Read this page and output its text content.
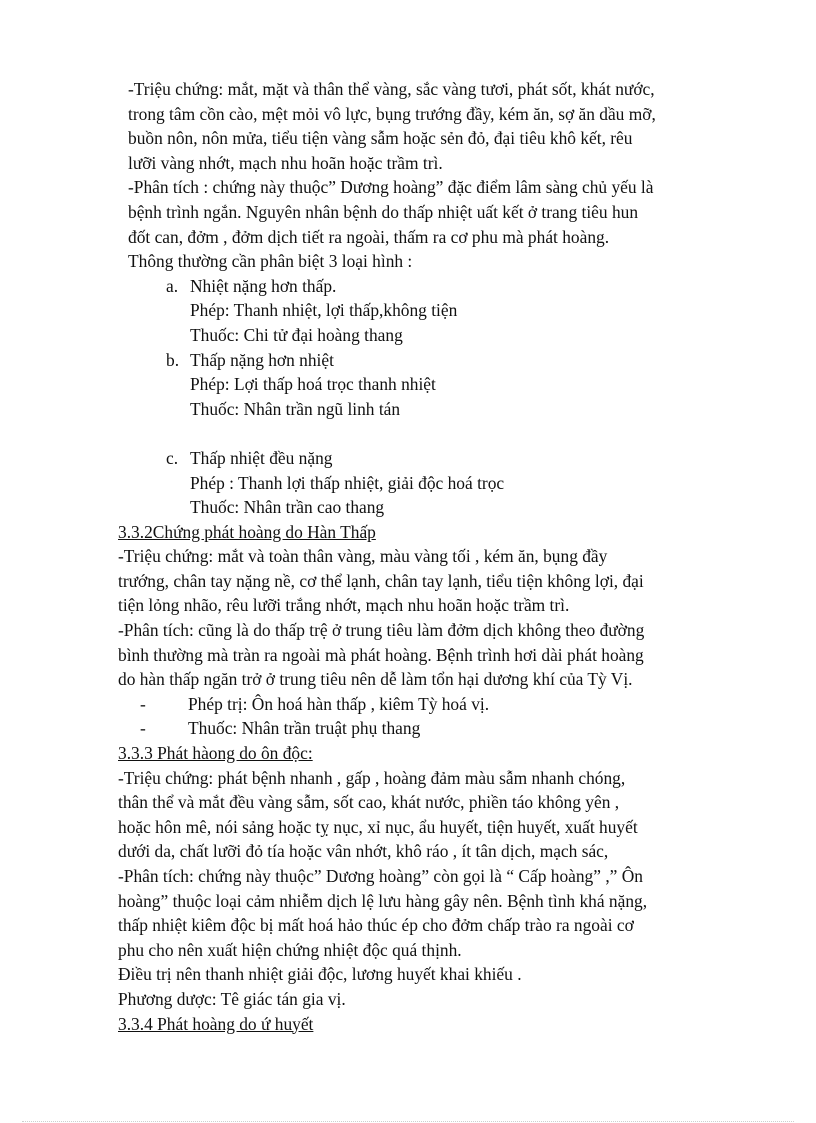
-Triệu chứng: mắt, mặt và thân thể vàng, sắc vàng tươi, phát sốt, khát nước,
trong tâm cồn cào, mệt mỏi vô lực, bụng trướng đầy, kém ăn, sợ ăn dầu mỡ,
buồn nôn, nôn mửa, tiểu tiện vàng sẫm hoặc sẻn đỏ, đại tiêu khô kết, rêu
lưỡi vàng nhớt, mạch nhu hoãn hoặc trầm trì.
-Phân tích : chứng này thuộc” Dương hoàng” đặc điểm lâm sàng chủ yếu là
bệnh trình ngắn. Nguyên nhân bệnh do thấp nhiệt uất kết ở trang tiêu hun
đốt can, đởm , đởm dịch tiết ra ngoài, thấm ra cơ phu mà phát hoàng.
Thông thường cần phân biệt 3 loại hình :
a. Nhiệt nặng hơn thấp.
Phép: Thanh nhiệt, lợi thấp,không tiện
Thuốc: Chi tử đại hoàng thang
b. Thấp nặng hơn nhiệt
Phép: Lợi thấp hoá trọc thanh nhiệt
Thuốc: Nhân trần ngũ linh tán
c. Thấp nhiệt đều nặng
Phép : Thanh lợi thấp nhiệt, giải độc hoá trọc
Thuốc: Nhân trần cao thang
3.3.2Chứng phát hoàng do Hàn Thấp
-Triệu chứng: mắt và toàn thân vàng, màu vàng tối , kém ăn, bụng đầy
trướng, chân tay nặng nề, cơ thể lạnh, chân tay lạnh, tiểu tiện không lợi, đại
tiện lỏng nhão, rêu lưỡi trắng nhớt, mạch nhu hoãn hoặc trầm trì.
-Phân tích: cũng là do thấp trệ ở trung tiêu làm đởm dịch không theo đường
bình thường mà tràn ra ngoài mà phát hoàng. Bệnh trình hơi dài phát hoàng
do hàn thấp ngăn trở ở trung tiêu nên dễ làm tổn hại dương khí của Tỳ Vị.
- Phép trị: Ôn hoá hàn thấp , kiêm Tỳ hoá vị.
- Thuốc: Nhân trần truật phụ thang
3.3.3 Phát hàong do ôn độc:
-Triệu chứng: phát bệnh nhanh , gấp , hoàng đảm màu sẫm nhanh chóng,
thân thể và mắt đều vàng sẫm, sốt cao, khát nước, phiền táo không yên ,
hoặc hôn mê, nói sảng hoặc tỵ nục, xỉ nục, ẩu huyết, tiện huyết, xuất huyết
dưới da, chất lưỡi đỏ tía hoặc vân nhớt, khô ráo , ít tân dịch, mạch sác,
-Phân tích: chứng này thuộc” Dương hoàng” còn gọi là “ Cấp hoàng” ,” Ôn
hoàng” thuộc loại cảm nhiễm dịch lệ lưu hàng gây nên. Bệnh tình khá nặng,
thấp nhiệt kiêm độc bị mất hoá hảo thúc ép cho đởm chấp trào ra ngoài cơ
phu cho nên xuất hiện chứng nhiệt độc quá thịnh.
Điều trị nên thanh nhiệt giải độc, lương huyết khai khiếu .
Phương dược: Tê giác tán gia vị.
3.3.4 Phát hoàng do ứ huyết
